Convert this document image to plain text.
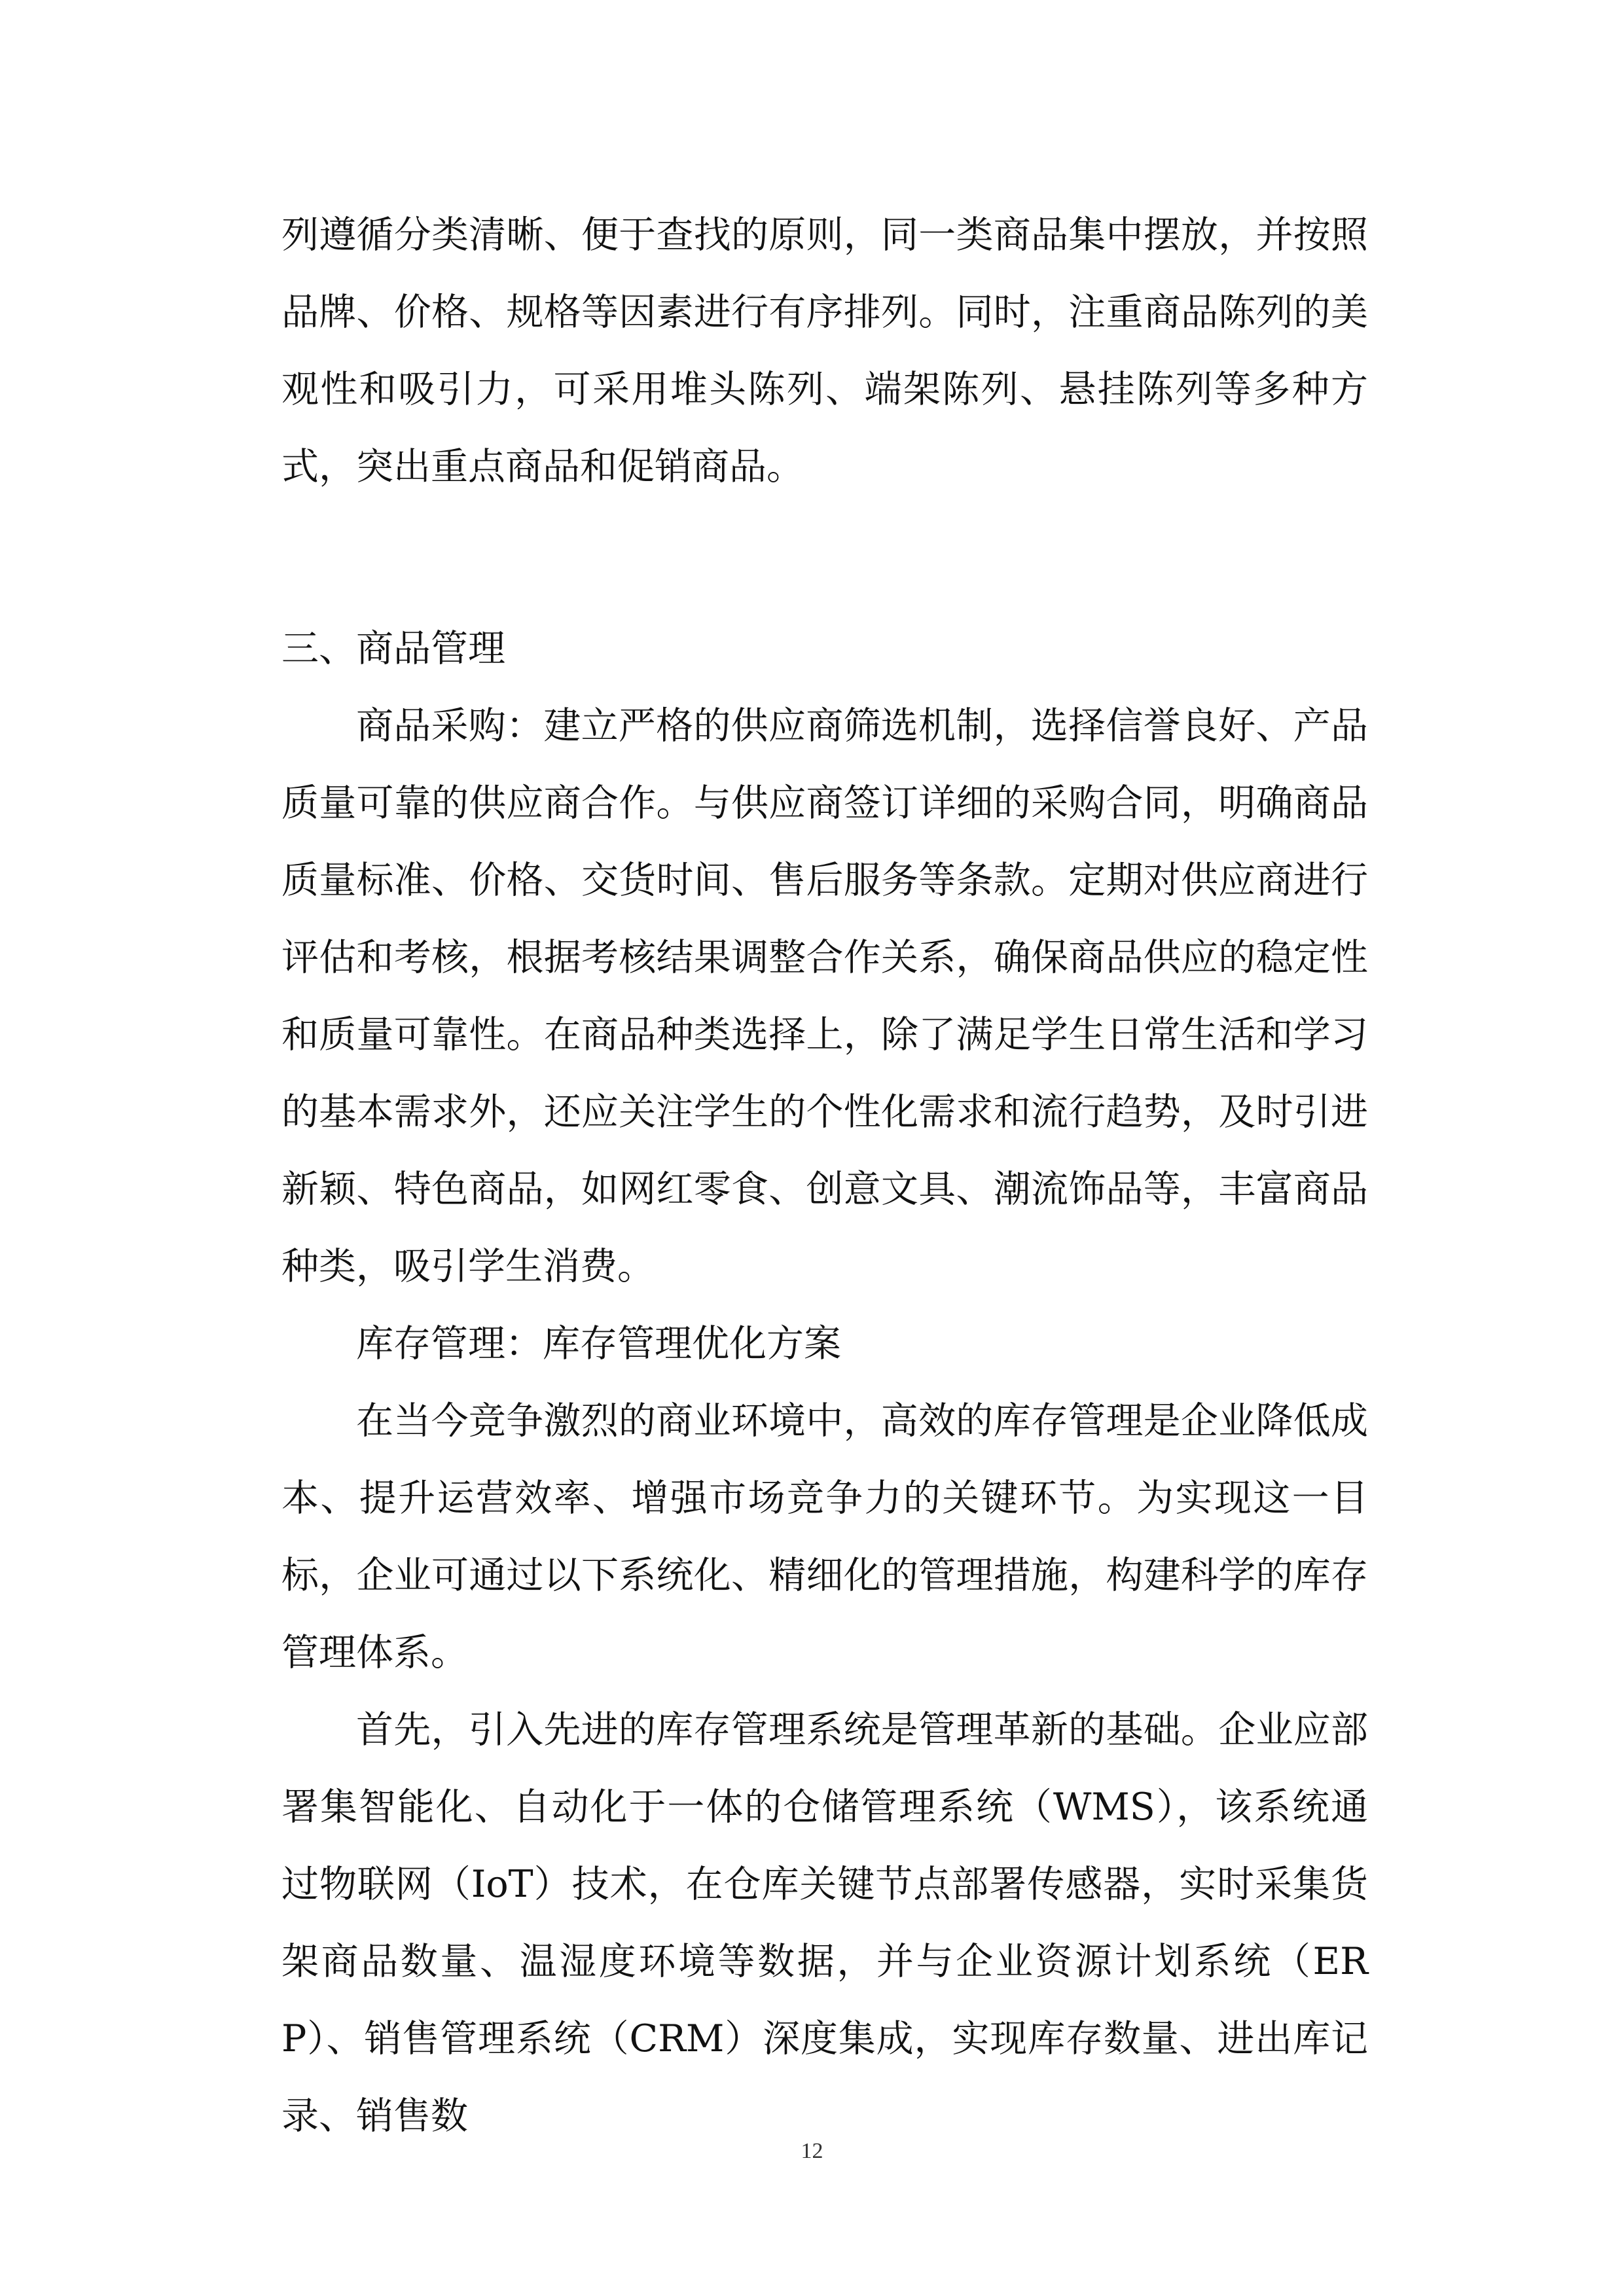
列遵循分类清晰、便于查找的原则，同一类商品集中摆放，并按照品牌、价格、规格等因素进行有序排列。同时，注重商品陈列的美观性和吸引力，可采用堆头陈列、端架陈列、悬挂陈列等多种方式，突出重点商品和促销商品。

三、商品管理

商品采购：建立严格的供应商筛选机制，选择信誉良好、产品质量可靠的供应商合作。与供应商签订详细的采购合同，明确商品质量标准、价格、交货时间、售后服务等条款。定期对供应商进行评估和考核，根据考核结果调整合作关系，确保商品供应的稳定性和质量可靠性。在商品种类选择上，除了满足学生日常生活和学习的基本需求外，还应关注学生的个性化需求和流行趋势，及时引进新颖、特色商品，如网红零食、创意文具、潮流饰品等，丰富商品种类，吸引学生消费。

库存管理：库存管理优化方案

在当今竞争激烈的商业环境中，高效的库存管理是企业降低成本、提升运营效率、增强市场竞争力的关键环节。为实现这一目标，企业可通过以下系统化、精细化的管理措施，构建科学的库存管理体系。

首先，引入先进的库存管理系统是管理革新的基础。企业应部署集智能化、自动化于一体的仓储管理系统（WMS），该系统通过物联网（IoT）技术，在仓库关键节点部署传感器，实时采集货架商品数量、温湿度环境等数据，并与企业资源计划系统（ERP）、销售管理系统（CRM）深度集成，实现库存数量、进出库记录、销售数

12
